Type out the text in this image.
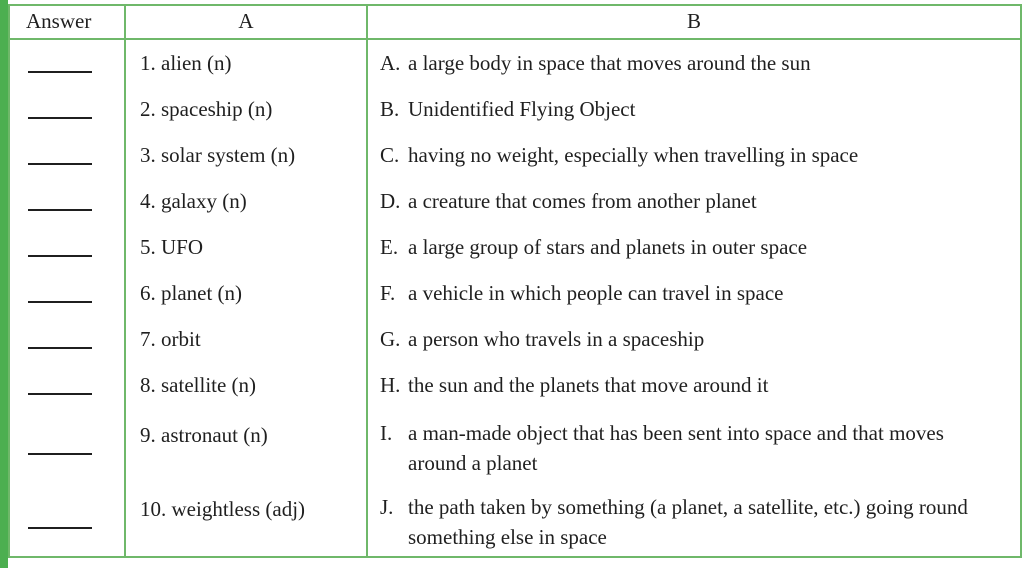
Answer	A	B

	1. alien (n)	A. a large body in space that moves around the sun

	2. spaceship (n)	B. Unidentified Flying Object

	3. solar system (n)	C. having no weight, especially when travelling in space

	4. galaxy (n)	D. a creature that comes from another planet

	5. UFO	E. a large group of stars and planets in outer space

	6. planet (n)	F. a vehicle in which people can travel in space

	7. orbit	G. a person who travels in a spaceship

	8. satellite (n)	H. the sun and the planets that move around it

	9. astronaut (n)	I. a man-made object that has been sent into space and that moves around a planet

	10. weightless (adj)	J. the path taken by something (a planet, a satellite, etc.) going round something else in space
